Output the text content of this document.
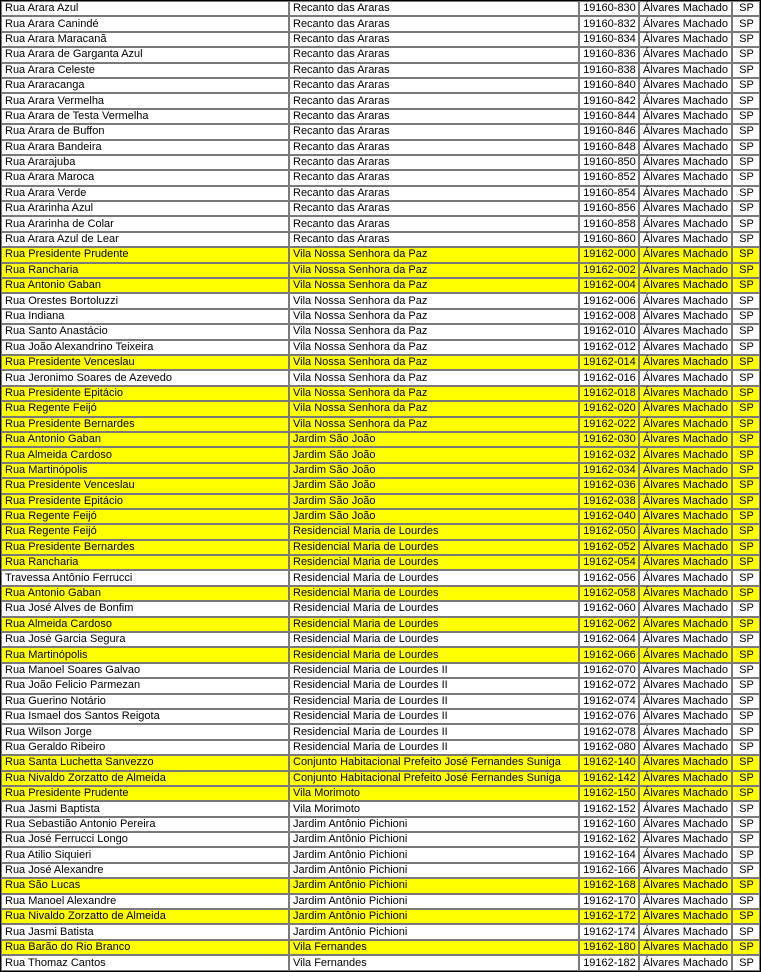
Rua Arara Azul	Recanto das Araras	19160-830	Álvares Machado	SP
Rua Arara Canindé	Recanto das Araras	19160-832	Álvares Machado	SP
Rua Arara Maracanã	Recanto das Araras	19160-834	Álvares Machado	SP
Rua Arara de Garganta Azul	Recanto das Araras	19160-836	Álvares Machado	SP
Rua Arara Celeste	Recanto das Araras	19160-838	Álvares Machado	SP
Rua Araracanga	Recanto das Araras	19160-840	Álvares Machado	SP
Rua Arara Vermelha	Recanto das Araras	19160-842	Álvares Machado	SP
Rua Arara de Testa Vermelha	Recanto das Araras	19160-844	Álvares Machado	SP
Rua Arara de Buffon	Recanto das Araras	19160-846	Álvares Machado	SP
Rua Arara Bandeira	Recanto das Araras	19160-848	Álvares Machado	SP
Rua Ararajuba	Recanto das Araras	19160-850	Álvares Machado	SP
Rua Arara Maroca	Recanto das Araras	19160-852	Álvares Machado	SP
Rua Arara Verde	Recanto das Araras	19160-854	Álvares Machado	SP
Rua Ararinha Azul	Recanto das Araras	19160-856	Álvares Machado	SP
Rua Ararinha de Colar	Recanto das Araras	19160-858	Álvares Machado	SP
Rua Arara Azul de Lear	Recanto das Araras	19160-860	Álvares Machado	SP
Rua Presidente Prudente	Vila Nossa Senhora da Paz	19162-000	Álvares Machado	SP
Rua Rancharia	Vila Nossa Senhora da Paz	19162-002	Álvares Machado	SP
Rua Antonio Gaban	Vila Nossa Senhora da Paz	19162-004	Álvares Machado	SP
Rua Orestes Bortoluzzi	Vila Nossa Senhora da Paz	19162-006	Álvares Machado	SP
Rua Indiana	Vila Nossa Senhora da Paz	19162-008	Álvares Machado	SP
Rua Santo Anastácio	Vila Nossa Senhora da Paz	19162-010	Álvares Machado	SP
Rua João Alexandrino Teixeira	Vila Nossa Senhora da Paz	19162-012	Álvares Machado	SP
Rua Presidente Venceslau	Vila Nossa Senhora da Paz	19162-014	Álvares Machado	SP
Rua Jeronimo Soares de Azevedo	Vila Nossa Senhora da Paz	19162-016	Álvares Machado	SP
Rua Presidente Epitácio	Vila Nossa Senhora da Paz	19162-018	Álvares Machado	SP
Rua Regente Feijó	Vila Nossa Senhora da Paz	19162-020	Álvares Machado	SP
Rua Presidente Bernardes	Vila Nossa Senhora da Paz	19162-022	Álvares Machado	SP
Rua Antonio Gaban	Jardim São João	19162-030	Álvares Machado	SP
Rua Almeida Cardoso	Jardim São João	19162-032	Álvares Machado	SP
Rua Martinópolis	Jardim São João	19162-034	Álvares Machado	SP
Rua Presidente Venceslau	Jardim São João	19162-036	Álvares Machado	SP
Rua Presidente Epitácio	Jardim São João	19162-038	Álvares Machado	SP
Rua Regente Feijó	Jardim São João	19162-040	Álvares Machado	SP
Rua Regente Feijó	Residencial Maria de Lourdes	19162-050	Álvares Machado	SP
Rua Presidente Bernardes	Residencial Maria de Lourdes	19162-052	Álvares Machado	SP
Rua Rancharia	Residencial Maria de Lourdes	19162-054	Álvares Machado	SP
Travessa Antônio Ferrucci	Residencial Maria de Lourdes	19162-056	Álvares Machado	SP
Rua Antonio Gaban	Residencial Maria de Lourdes	19162-058	Álvares Machado	SP
Rua José Alves de Bonfim	Residencial Maria de Lourdes	19162-060	Álvares Machado	SP
Rua Almeida Cardoso	Residencial Maria de Lourdes	19162-062	Álvares Machado	SP
Rua José Garcia Segura	Residencial Maria de Lourdes	19162-064	Álvares Machado	SP
Rua Martinópolis	Residencial Maria de Lourdes	19162-066	Álvares Machado	SP
Rua Manoel Soares Galvao	Residencial Maria de Lourdes II	19162-070	Álvares Machado	SP
Rua João Felicio Parmezan	Residencial Maria de Lourdes II	19162-072	Álvares Machado	SP
Rua Guerino Notário	Residencial Maria de Lourdes II	19162-074	Álvares Machado	SP
Rua Ismael dos Santos Reigota	Residencial Maria de Lourdes II	19162-076	Álvares Machado	SP
Rua Wilson Jorge	Residencial Maria de Lourdes II	19162-078	Álvares Machado	SP
Rua Geraldo Ribeiro	Residencial Maria de Lourdes II	19162-080	Álvares Machado	SP
Rua Santa Luchetta Sanvezzo	Conjunto Habitacional Prefeito José Fernandes Suniga	19162-140	Álvares Machado	SP
Rua Nivaldo Zorzatto de Almeida	Conjunto Habitacional Prefeito José Fernandes Suniga	19162-142	Álvares Machado	SP
Rua Presidente Prudente	Vila Morimoto	19162-150	Álvares Machado	SP
Rua Jasmi Baptista	Vila Morimoto	19162-152	Álvares Machado	SP
Rua Sebastião Antonio Pereira	Jardim Antônio Pichioni	19162-160	Álvares Machado	SP
Rua José Ferrucci Longo	Jardim Antônio Pichioni	19162-162	Álvares Machado	SP
Rua Atilio Siquieri	Jardim Antônio Pichioni	19162-164	Álvares Machado	SP
Rua José Alexandre	Jardim Antônio Pichioni	19162-166	Álvares Machado	SP
Rua São Lucas	Jardim Antônio Pichioni	19162-168	Álvares Machado	SP
Rua Manoel Alexandre	Jardim Antônio Pichioni	19162-170	Álvares Machado	SP
Rua Nivaldo Zorzatto de Almeida	Jardim Antônio Pichioni	19162-172	Álvares Machado	SP
Rua Jasmi Batista	Jardim Antônio Pichioni	19162-174	Álvares Machado	SP
Rua Barão do Rio Branco	Vila Fernandes	19162-180	Álvares Machado	SP
Rua Thomaz Cantos	Vila Fernandes	19162-182	Álvares Machado	SP
